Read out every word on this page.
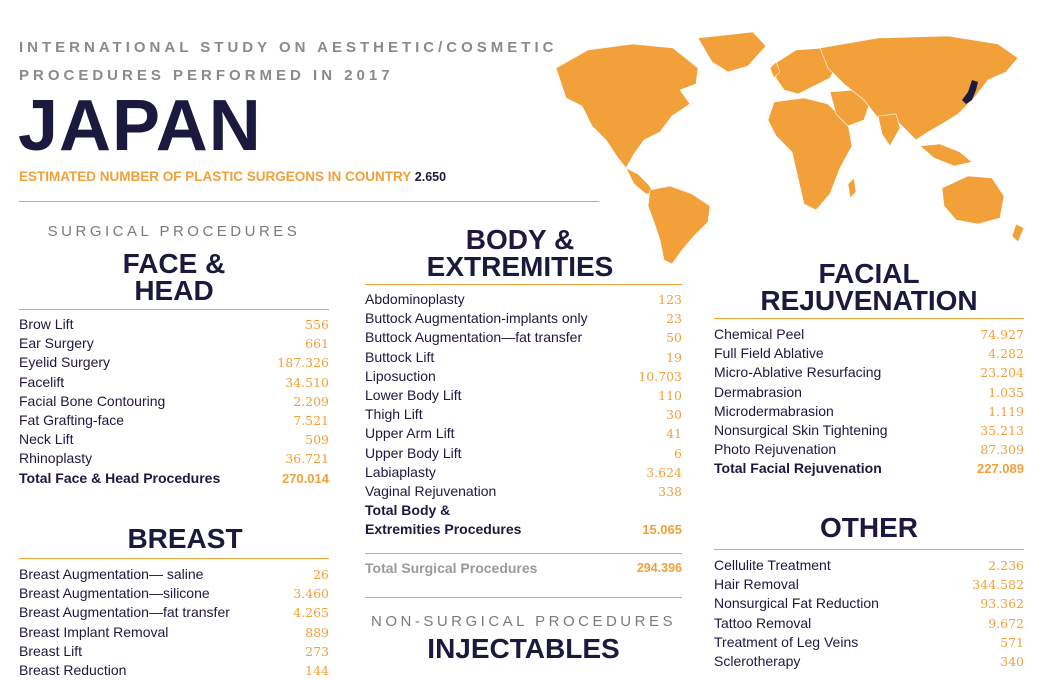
INTERNATIONAL STUDY ON AESTHETIC/COSMETIC
PROCEDURES PERFORMED IN 2017
JAPAN
ESTIMATED NUMBER OF PLASTIC SURGEONS IN COUNTRY 2.650
SURGICAL PROCEDURES
FACE &
HEAD
Brow Lift	556
Ear Surgery	661
Eyelid Surgery	187.326
Facelift	34.510
Facial Bone Contouring	2.209
Fat Grafting-face	7.521
Neck Lift	509
Rhinoplasty	36.721
Total Face & Head Procedures	270.014
BREAST
Breast Augmentation— saline	26
Breast Augmentation—silicone	3.460
Breast Augmentation—fat transfer	4.265
Breast Implant Removal	889
Breast Lift	273
Breast Reduction	144
BODY &
EXTREMITIES
Abdominoplasty	123
Buttock Augmentation-implants only	23
Buttock Augmentation—fat transfer	50
Buttock Lift	19
Liposuction	10.703
Lower Body Lift	110
Thigh Lift	30
Upper Arm Lift	41
Upper Body Lift	6
Labiaplasty	3.624
Vaginal Rejuvenation	338
Total Body &
Extremities Procedures	15.065
Total Surgical Procedures	294.396
NON-SURGICAL PROCEDURES
INJECTABLES
FACIAL
REJUVENATION
Chemical Peel	74.927
Full Field Ablative	4.282
Micro-Ablative Resurfacing	23.204
Dermabrasion	1.035
Microdermabrasion	1.119
Nonsurgical Skin Tightening	35.213
Photo Rejuvenation	87.309
Total Facial Rejuvenation	227.089
OTHER
Cellulite Treatment	2.236
Hair Removal	344.582
Nonsurgical Fat Reduction	93.362
Tattoo Removal	9.672
Treatment of Leg Veins	571
Sclerotherapy	340
